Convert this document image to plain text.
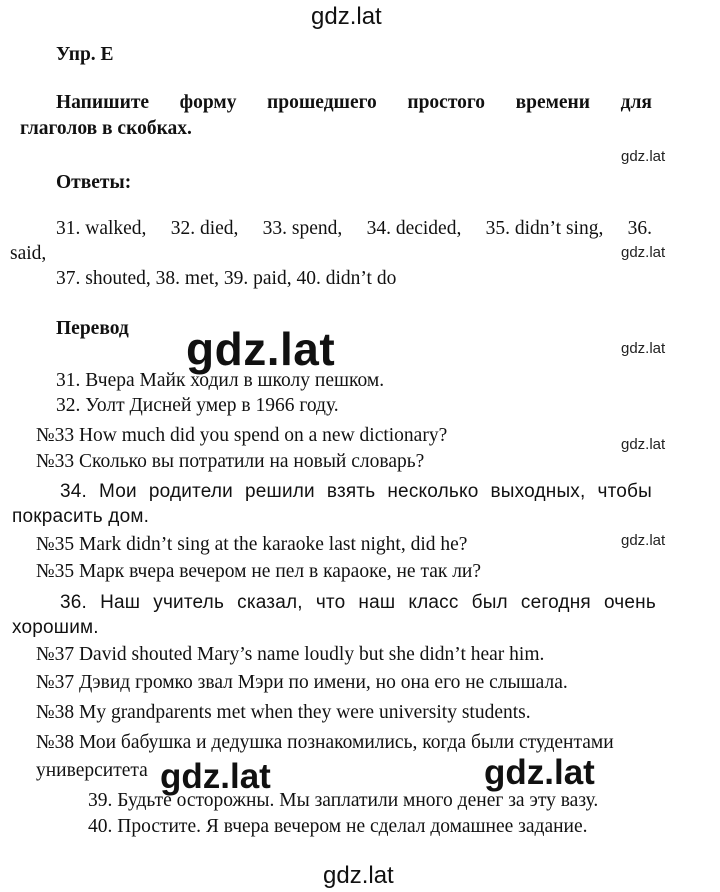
gdz.lat
Упр. Е
Напишите форму прошедшего простого времени для
глаголов в скобках.
gdz.lat
Ответы:
31. walked, 32. died, 33. spend, 34. decided, 35. didn’t sing, 36.
said,	gdz.lat
37. shouted, 38. met, 39. paid, 40. didn’t do
Перевод gdz.lat	gdz.lat
31. Вчера Майк ходил в школу пешком.
32. Уолт Дисней умер в 1966 году.
№33 How much did you spend on a new dictionary?	gdz.lat
№33 Сколько вы потратили на новый словарь?
34. Мои родители решили взять несколько выходных, чтобы
покрасить дом.
№35 Mark didn’t sing at the karaoke last night, did he?	gdz.lat
№35 Марк вчера вечером не пел в караоке, не так ли?
36. Наш учитель сказал, что наш класс был сегодня очень
хорошим.
№37 David shouted Mary’s name loudly but she didn’t hear him.
№37 Дэвид громко звал Мэри по имени, но она его не слышала.
№38 My grandparents met when they were university students.
№38 Мои бабушка и дедушка познакомились, когда были студентами
университета gdz.lat	gdz.lat
39. Будьте осторожны. Мы заплатили много денег за эту вазу.
40. Простите. Я вчера вечером не сделал домашнее задание.
gdz.lat
